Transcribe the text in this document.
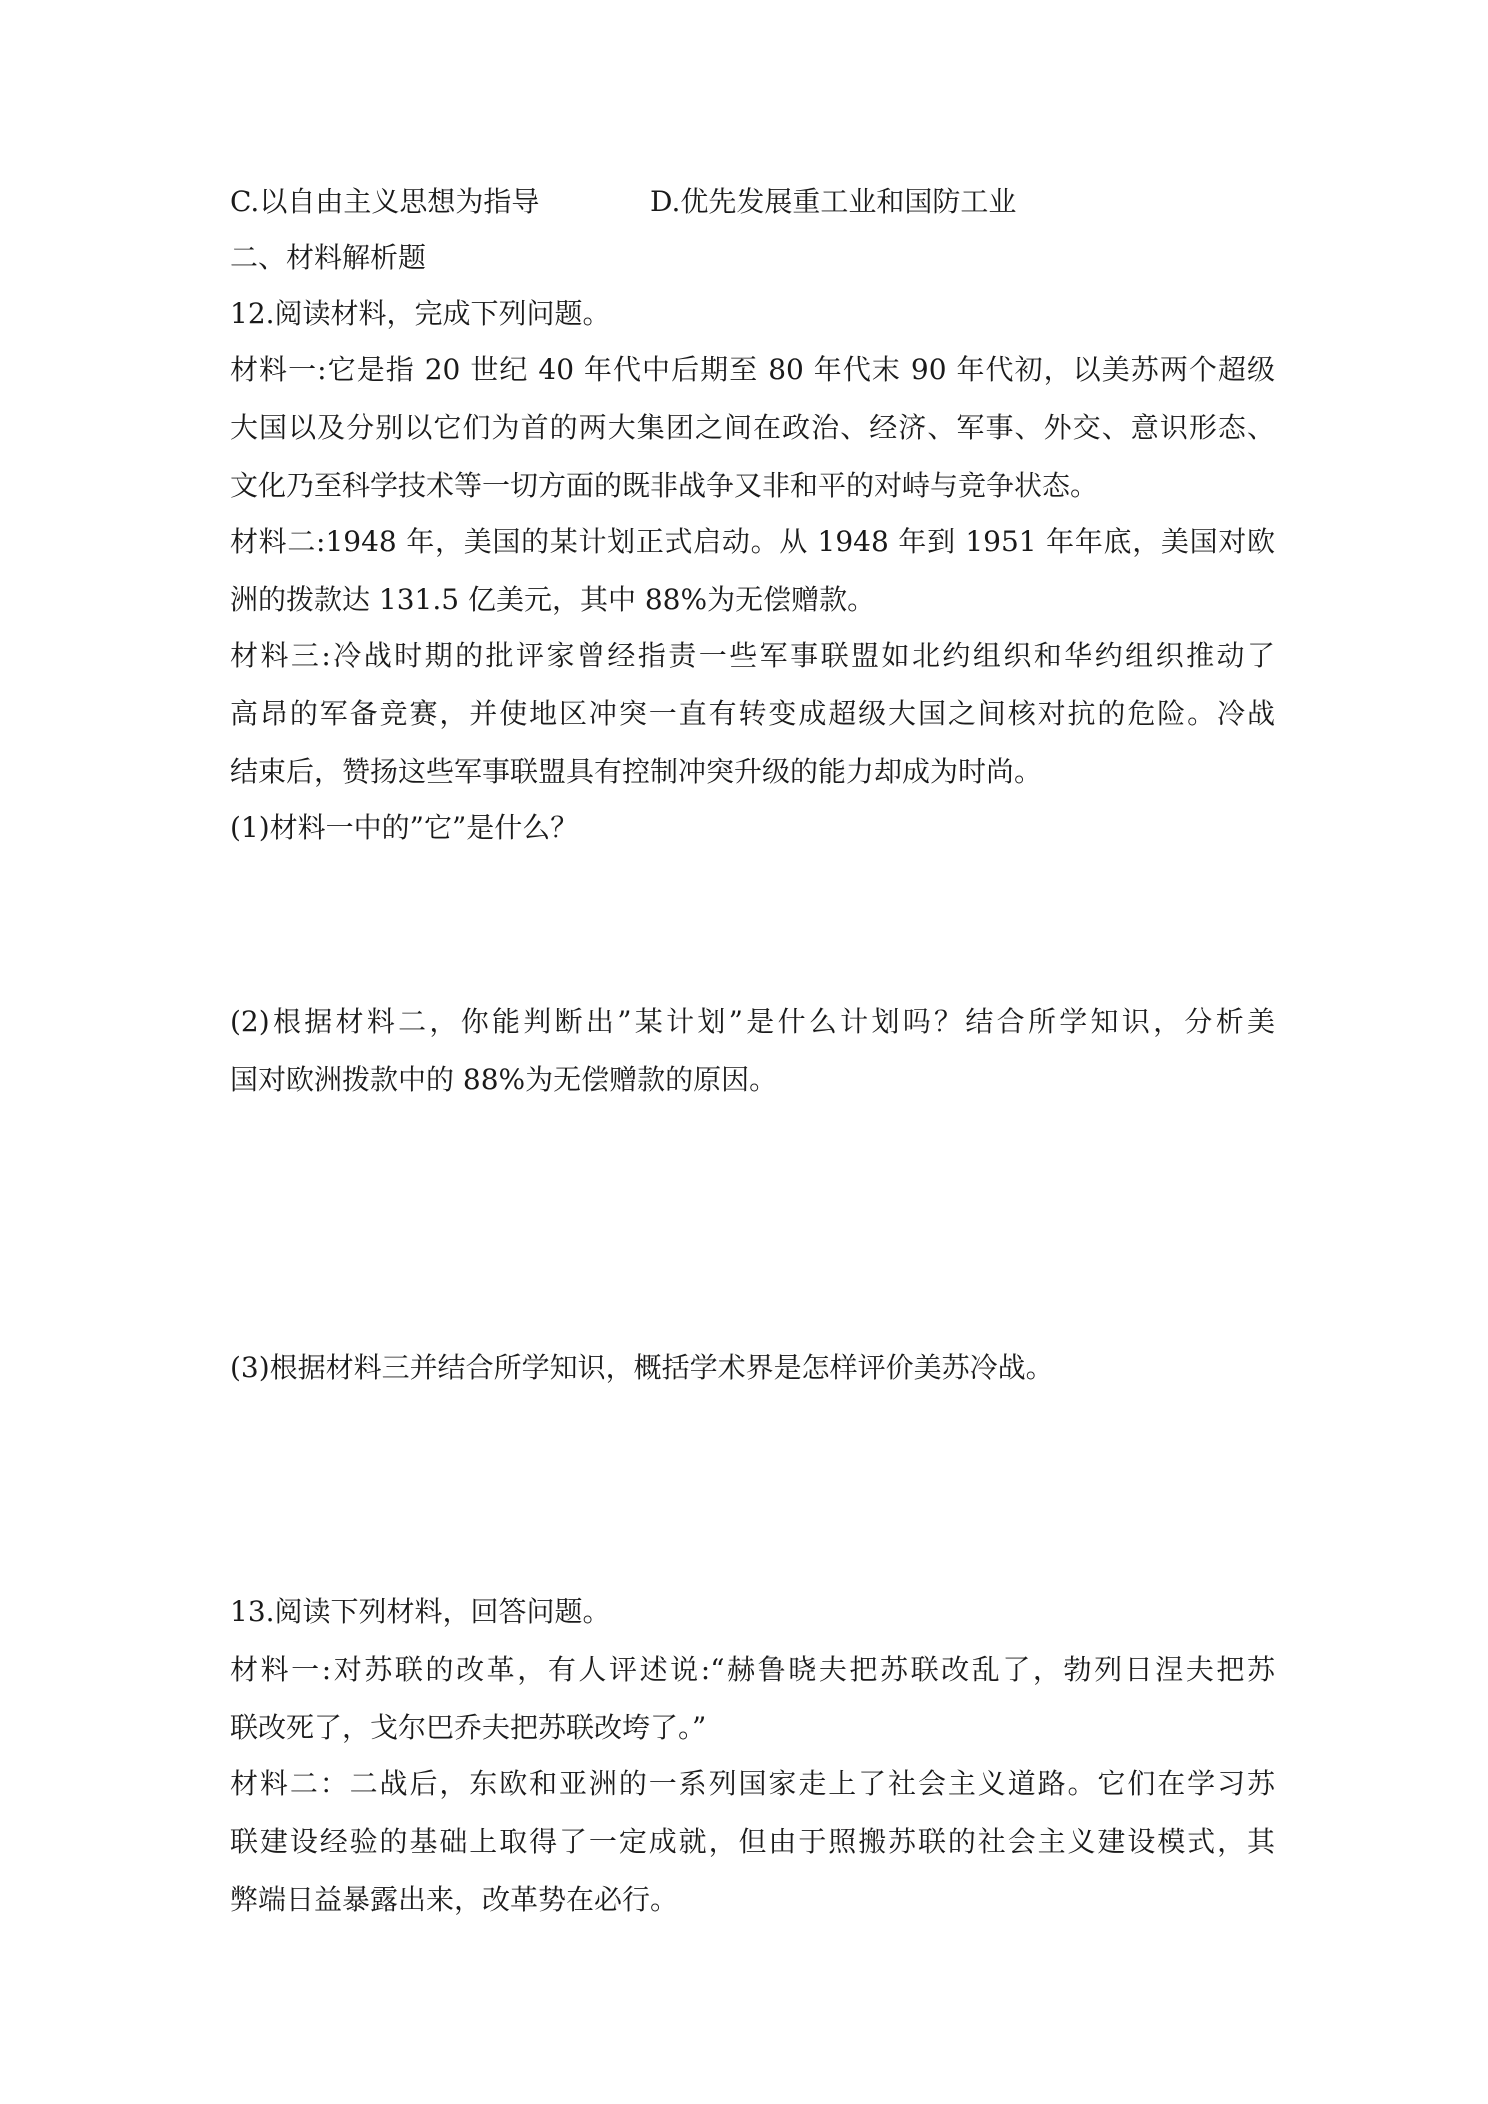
C.以自由主义思想为指导	D.优先发展重工业和国防工业
二、材料解析题
12.阅读材料，完成下列问题。
材料一:它是指 20 世纪 40 年代中后期至 80 年代末 90 年代初，以美苏两个超级
大国以及分别以它们为首的两大集团之间在政治、经济、军事、外交、意识形态、
文化乃至科学技术等一切方面的既非战争又非和平的对峙与竞争状态。
材料二:1948 年，美国的某计划正式启动。从 1948 年到 1951 年年底，美国对欧
洲的拨款达 131.5 亿美元，其中 88%为无偿赠款。
材料三:冷战时期的批评家曾经指责一些军事联盟如北约组织和华约组织推动了
高昂的军备竞赛，并使地区冲突一直有转变成超级大国之间核对抗的危险。冷战
结束后，赞扬这些军事联盟具有控制冲突升级的能力却成为时尚。
(1)材料一中的”它”是什么？
(2)根据材料二，你能判断出”某计划”是什么计划吗？结合所学知识，分析美
国对欧洲拨款中的 88%为无偿赠款的原因。
(3)根据材料三并结合所学知识，概括学术界是怎样评价美苏冷战。
13.阅读下列材料，回答问题。
材料一:对苏联的改革，有人评述说:“赫鲁晓夫把苏联改乱了，勃列日涅夫把苏
联改死了，戈尔巴乔夫把苏联改垮了。”
材料二：二战后，东欧和亚洲的一系列国家走上了社会主义道路。它们在学习苏
联建设经验的基础上取得了一定成就，但由于照搬苏联的社会主义建设模式，其
弊端日益暴露出来，改革势在必行。
